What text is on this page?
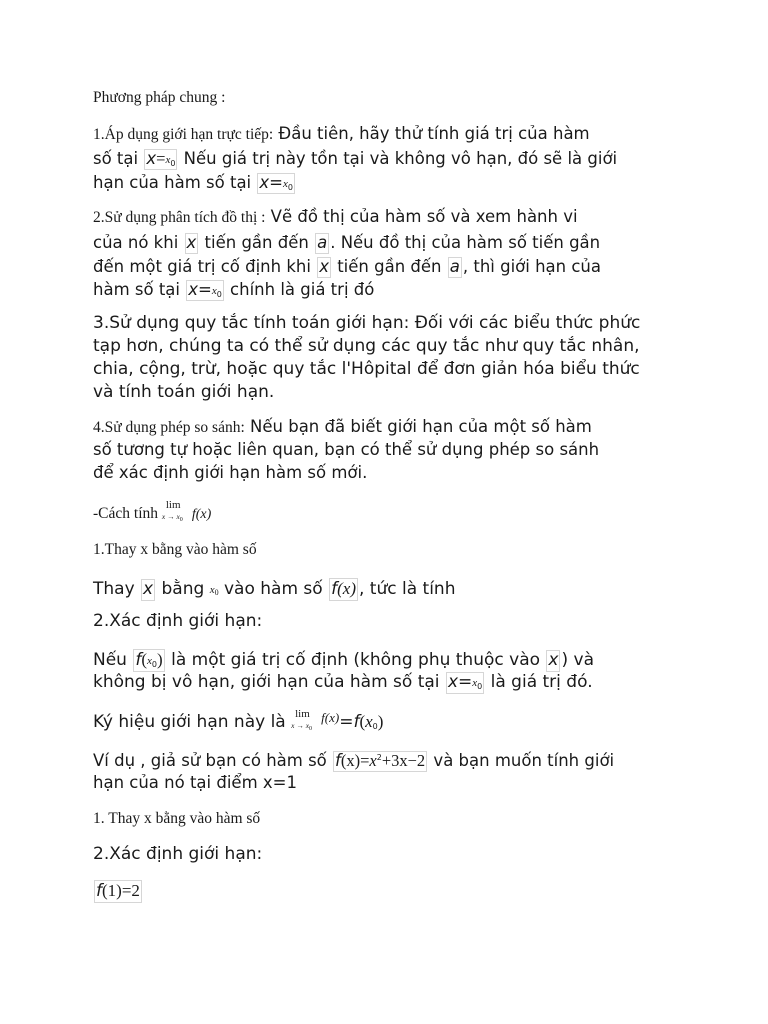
Phương pháp chung :
1.Áp dụng giới hạn trực tiếp: Đầu tiên, hãy thử tính giá trị của hàm
số tại $x=x_0$ Nếu giá trị này tồn tại và không vô hạn, đó sẽ là giới
hạn của hàm số tại $x=x_0$
2.Sử dụng phân tích đồ thị : Vẽ đồ thị của hàm số và xem hành vi
của nó khi x tiến gần đến a . Nếu đồ thị của hàm số tiến gần
đến một giá trị cố định khi x tiến gần đến a , thì giới hạn của
hàm số tại $x=x_0$ chính là giá trị đó
3.Sử dụng quy tắc tính toán giới hạn: Đối với các biểu thức phức
tạp hơn, chúng ta có thể sử dụng các quy tắc như quy tắc nhân,
chia, cộng, trừ, hoặc quy tắc l'Hôpital để đơn giản hóa biểu thức
và tính toán giới hạn.
4.Sử dụng phép so sánh: Nếu bạn đã biết giới hạn của một số hàm
số tương tự hoặc liên quan, bạn có thể sử dụng phép so sánh
để xác định giới hạn hàm số mới.
-Cách tính lim
$x \to x_0$ f(x)
1.Thay x bằng vào hàm số
Thay x bằng $x_0$ vào hàm số f(x) , tức là tính
2.Xác định giới hạn:
Nếu $f(x_0)$ là một giá trị cố định (không phụ thuộc vào x ) và
không bị vô hạn, giới hạn của hàm số tại $x=x_0$ là giá trị đó.
Ký hiệu giới hạn này là lim
$x \to x_0$
$^{f(x)}=f(x_0)$
Ví dụ , giả sử bạn có hàm số $f(x)=x^2+3x-2$ và bạn muốn tính giới
hạn của nó tại điểm x=1
1. Thay x bằng vào hàm số
2.Xác định giới hạn:
f(1)=2
